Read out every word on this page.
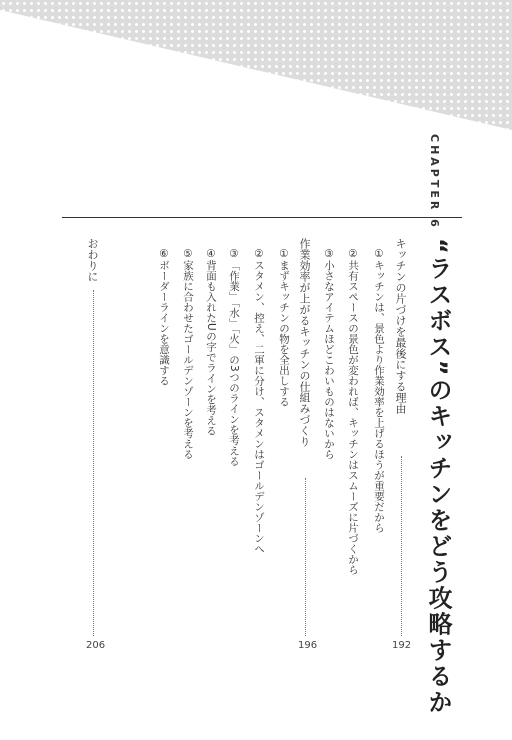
CHAPTER 6
“ラスボス”のキッチンをどう攻略するか
キッチンの片づけを最後にする理由
192
①キッチンは、景色より作業効率を上げるほうが重要だから
②共有スペースの景色が変われば、キッチンはスムーズに片づくから
③小さなアイテムほどこわいものはないから
作業効率が上がるキッチンの仕組みづくり
196
①まずキッチンの物を全出しする
②スタメン、控え、二軍に分け、スタメンはゴールデンゾーンへ
③「作業」「水」「火」の3つのラインを考える
④背面も入れたUの字でラインを考える
⑤家族に合わせたゴールデンゾーンを考える
⑥ボーダーラインを意識する
おわりに
206
